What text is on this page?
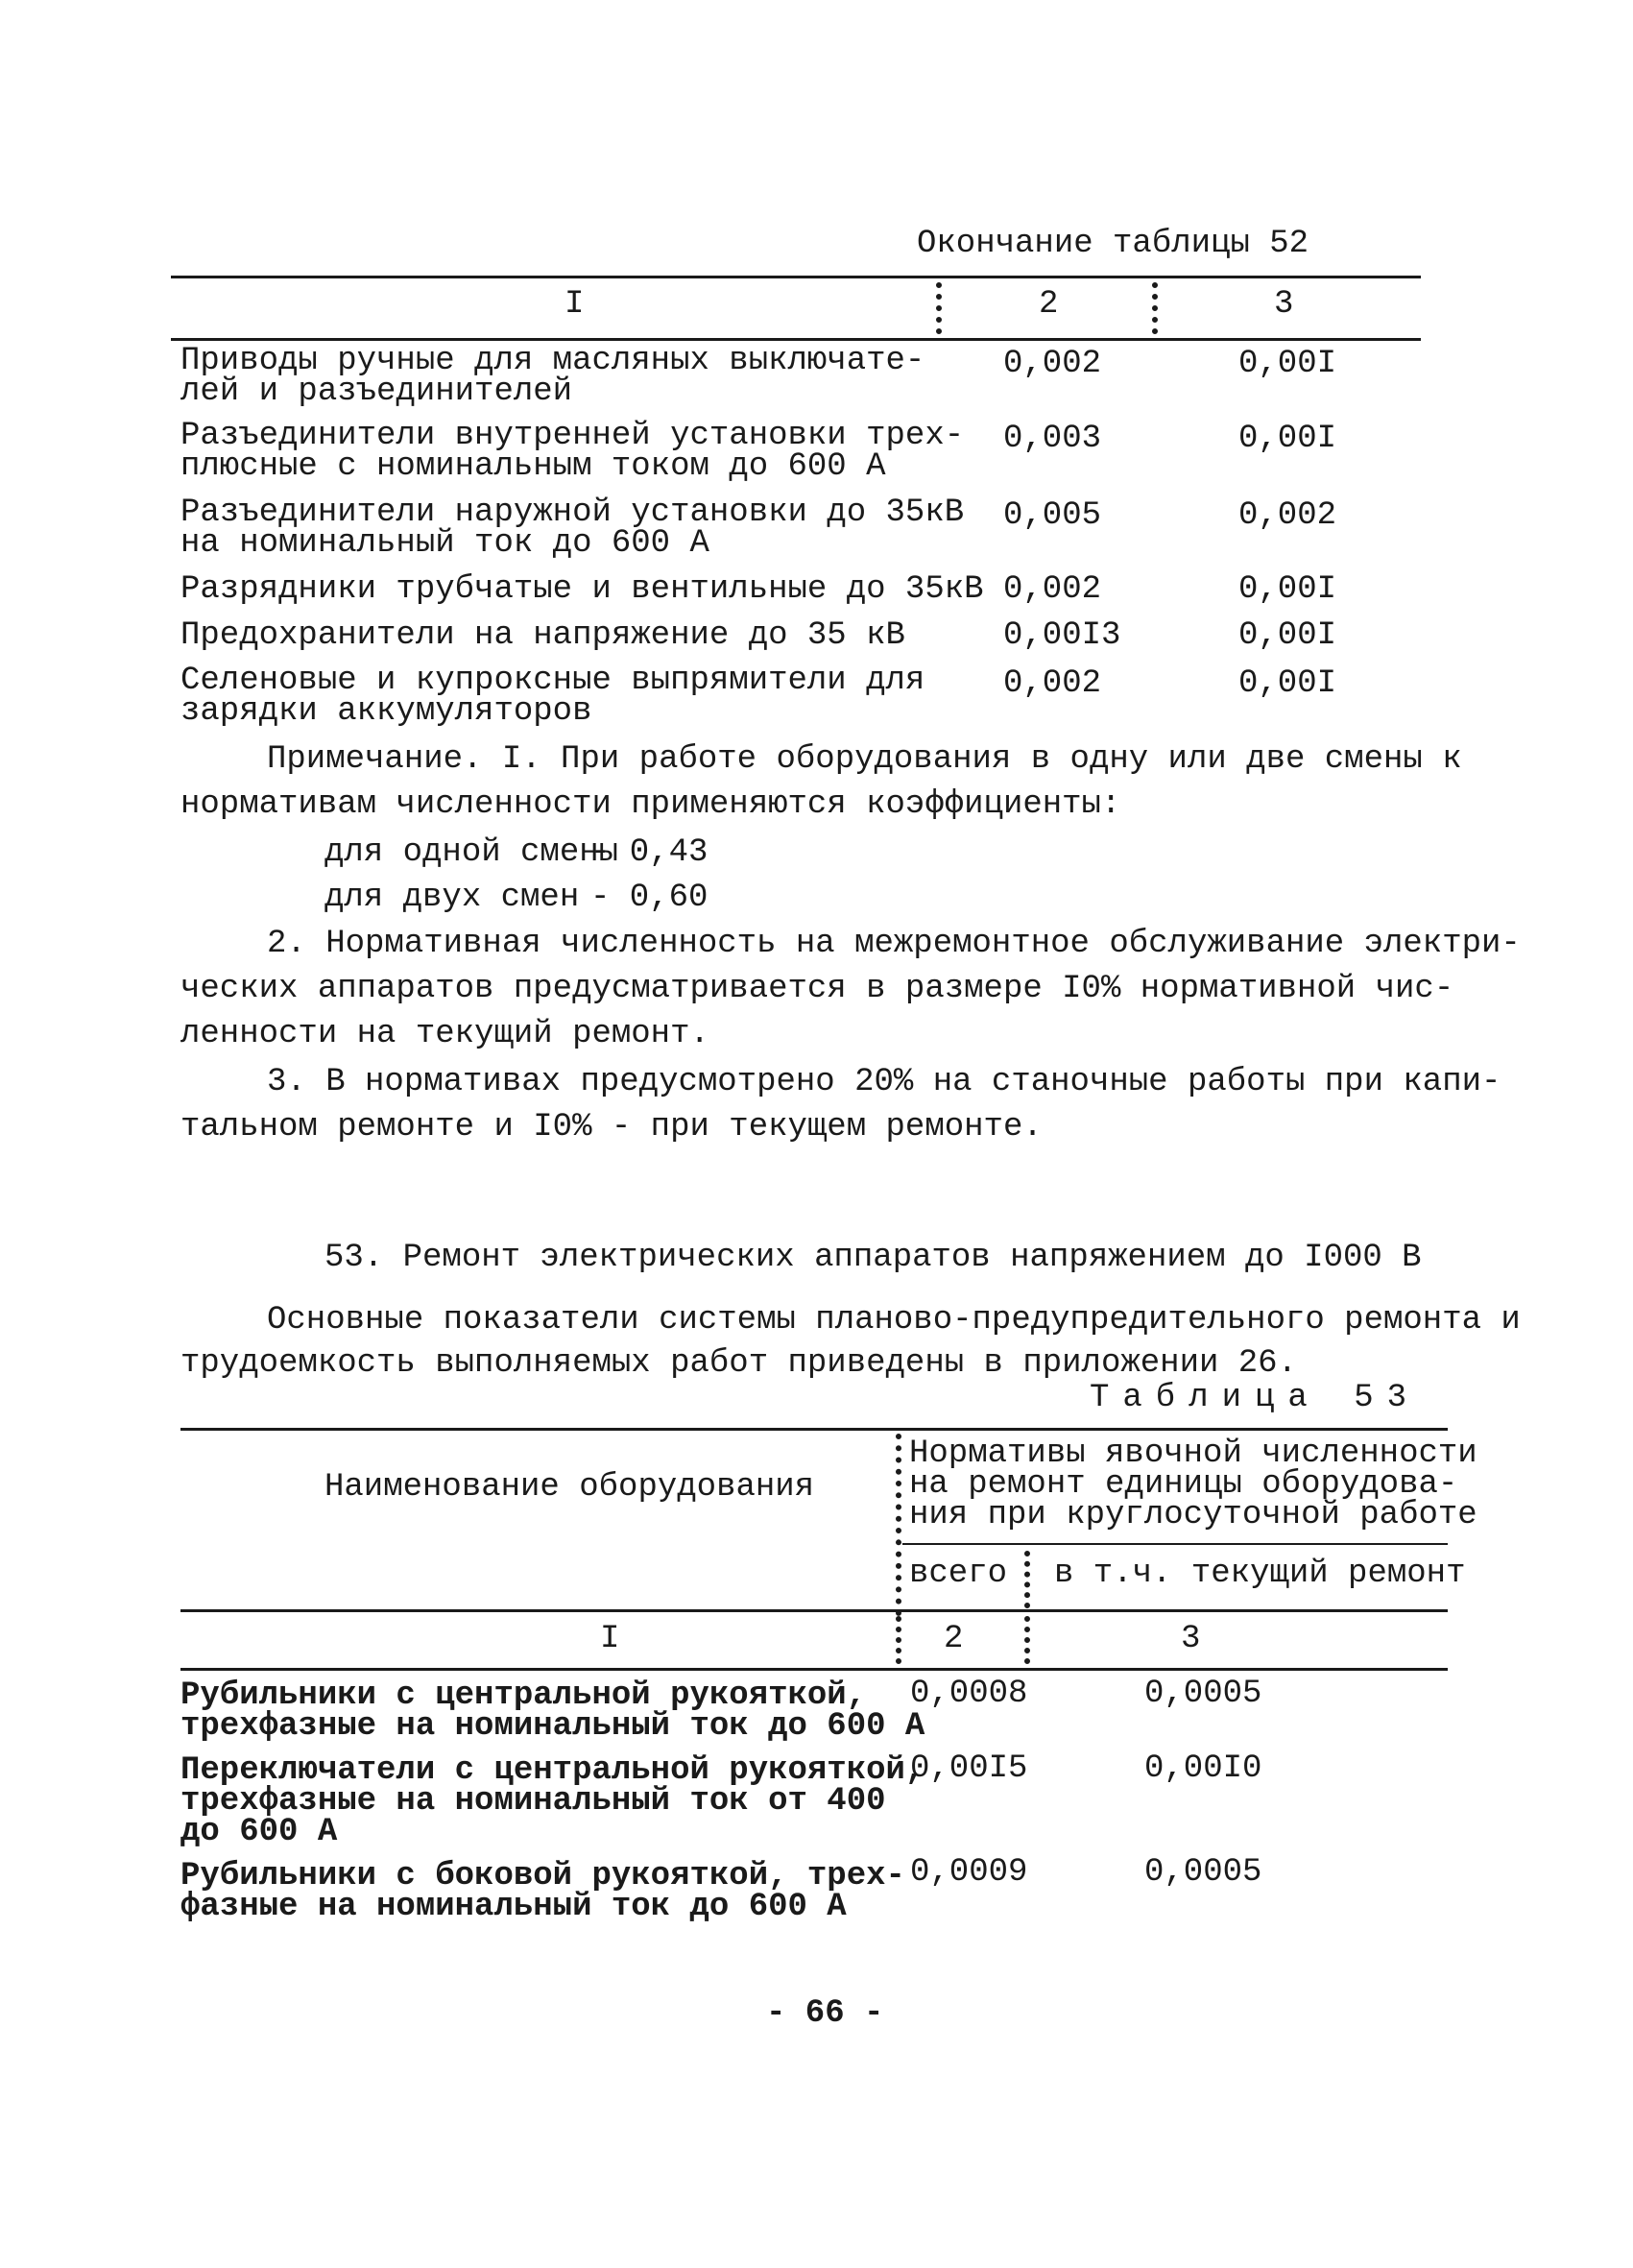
Окончание таблицы 52
I	2	3
Приводы ручные для масляных выключате-
лей и разъединителей
0,002	0,00I
Разъединители внутренней установки трех-
плюсные с номинальным током до 600 А
0,003	0,00I
Разъединители наружной установки до 35кВ
на номинальный ток до 600 А
0,005	0,002
Разрядники трубчатые и вентильные до 35кВ 0,002	0,00I
Предохранители на напряжение до 35 кВ	0,00I3	0,00I
Селеновые и купроксные выпрямители для
зарядки аккумуляторов
0,002	0,00I
Примечание. I. При работе оборудования в одну или две смены к
нормативам численности применяются коэффициенты:
для одной смены
- 0,43
для двух смен - 0,60
2. Нормативная численность на межремонтное обслуживание электри-
ческих аппаратов предусматривается в размере I0% нормативной чис-
ленности на текущий ремонт.
3. В нормативах предусмотрено 20% на станочные работы при капи-
тальном ремонте и I0% - при текущем ремонте.
53. Ремонт электрических аппаратов напряжением до I000 В
Основные показатели системы планово-предупредительного ремонта и
трудоемкость выполняемых работ приведены в приложении 26.
Таблица 53
Наименование оборудования
Нормативы явочной численности
на ремонт единицы оборудова-
ния при круглосуточной работе
всего в т.ч. текущий ремонт
I	2	3
Рубильники с центральной рукояткой,
трехфазные на номинальный ток до 600 А
0,0008	0,0005
Переключатели с центральной рукояткой,
трехфазные на номинальный ток от 400
до 600 А
0,00I5	0,00I0
Рубильники с боковой рукояткой, трех-
фазные на номинальный ток до 600 А
0,0009	0,0005
- 66 -
